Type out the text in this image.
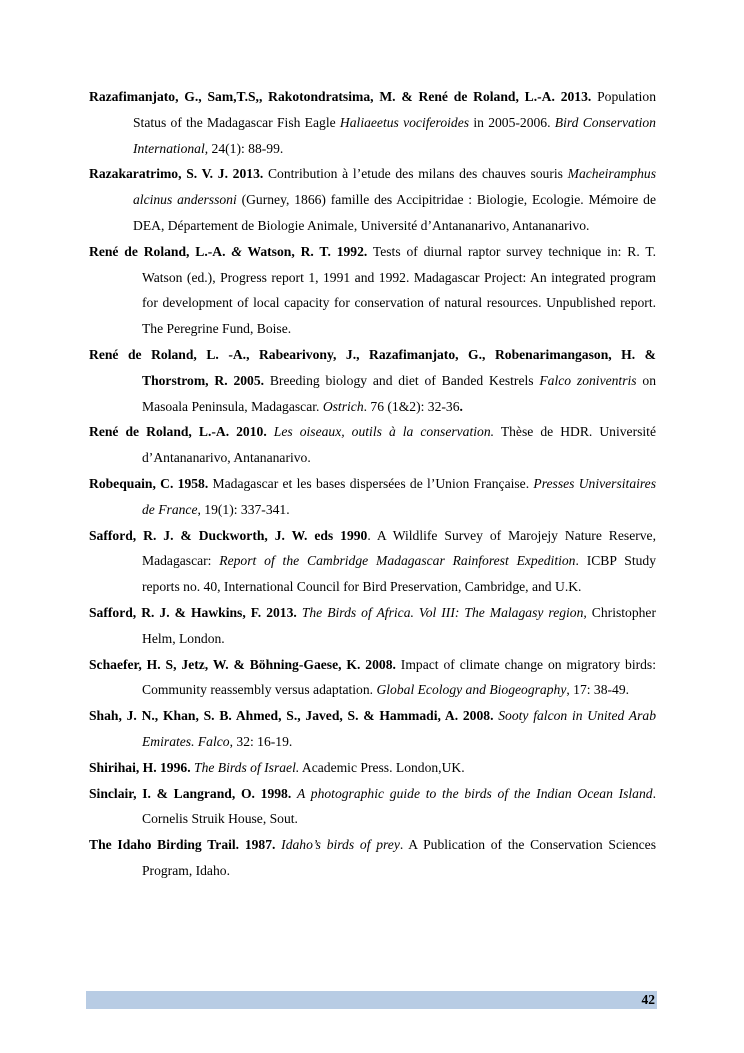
Razafimanjato, G., Sam,T.S,, Rakotondratsima, M. & René de Roland, L.-A. 2013. Population Status of the Madagascar Fish Eagle Haliaeetus vociferoides in 2005-2006. Bird Conservation International, 24(1): 88-99.

Razakaratrimo, S. V. J. 2013. Contribution à l’etude des milans des chauves souris Macheiramphus alcinus anderssoni (Gurney, 1866) famille des Accipitridae : Biologie, Ecologie. Mémoire de DEA, Département de Biologie Animale, Université d’Antananarivo, Antananarivo.

René de Roland, L.-A. & Watson, R. T. 1992. Tests of diurnal raptor survey technique in: R. T. Watson (ed.), Progress report 1, 1991 and 1992. Madagascar Project: An integrated program for development of local capacity for conservation of natural resources. Unpublished report. The Peregrine Fund, Boise.

René de Roland, L. -A., Rabearivony, J., Razafimanjato, G., Robenarimangason, H. & Thorstrom, R. 2005. Breeding biology and diet of Banded Kestrels Falco zoniventris on Masoala Peninsula, Madagascar. Ostrich. 76 (1&2): 32-36.

René de Roland, L.-A. 2010. Les oiseaux, outils à la conservation. Thèse de HDR. Université d’Antananarivo, Antananarivo.

Robequain, C. 1958. Madagascar et les bases dispersées de l’Union Française. Presses Universitaires de France, 19(1): 337-341.

Safford, R. J. & Duckworth, J. W. eds 1990. A Wildlife Survey of Marojejy Nature Reserve, Madagascar: Report of the Cambridge Madagascar Rainforest Expedition. ICBP Study reports no. 40, International Council for Bird Preservation, Cambridge, and U.K.

Safford, R. J. & Hawkins, F. 2013. The Birds of Africa. Vol III: The Malagasy region, Christopher Helm, London.

Schaefer, H. S, Jetz, W. & Böhning-Gaese, K. 2008. Impact of climate change on migratory birds: Community reassembly versus adaptation. Global Ecology and Biogeography, 17: 38-49.

Shah, J. N., Khan, S. B. Ahmed, S., Javed, S. & Hammadi, A. 2008. Sooty falcon in United Arab Emirates. Falco, 32: 16-19.

Shirihai, H. 1996. The Birds of Israel. Academic Press. London,UK.

Sinclair, I. & Langrand, O. 1998. A photographic guide to the birds of the Indian Ocean Island. Cornelis Struik House, Sout.

The Idaho Birding Trail. 1987. Idaho’s birds of prey. A Publication of the Conservation Sciences Program, Idaho.

42
